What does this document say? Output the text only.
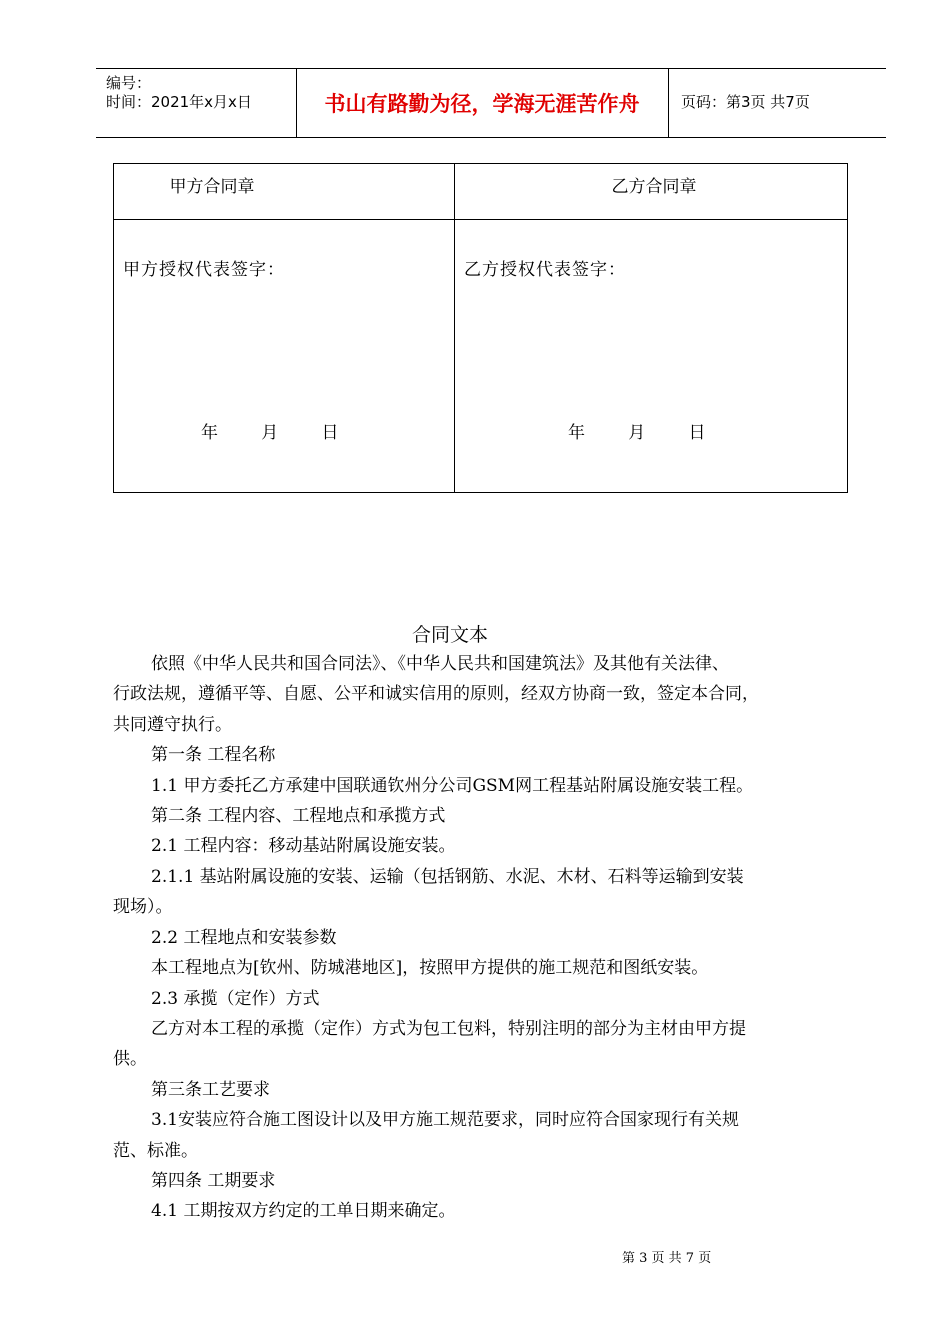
编号：
时间：2021年x月x日	书山有路勤为径，学海无涯苦作舟	页码：第3页 共7页
甲方合同章	乙方合同章
甲方授权代表签字：	乙方授权代表签字：
年        月        日	年        月        日
合同文本
依照《中华人民共和国合同法》、《中华人民共和国建筑法》及其他有关法律、
行政法规，遵循平等、自愿、公平和诚实信用的原则，经双方协商一致，签定本合同，
共同遵守执行。
第一条 工程名称
1.1 甲方委托乙方承建中国联通钦州分公司GSM网工程基站附属设施安装工程。
第二条 工程内容、工程地点和承揽方式
2.1 工程内容：移动基站附属设施安装。
2.1.1 基站附属设施的安装、运输（包括钢筋、水泥、木材、石料等运输到安装
现场）。
2.2 工程地点和安装参数
本工程地点为[钦州、防城港地区]，按照甲方提供的施工规范和图纸安装。
2.3 承揽（定作）方式
乙方对本工程的承揽（定作）方式为包工包料，特别注明的部分为主材由甲方提
供。
第三条工艺要求
3.1安装应符合施工图设计以及甲方施工规范要求，同时应符合国家现行有关规
范、标准。
第四条 工期要求
4.1 工期按双方约定的工单日期来确定。
第 3 页 共 7 页
